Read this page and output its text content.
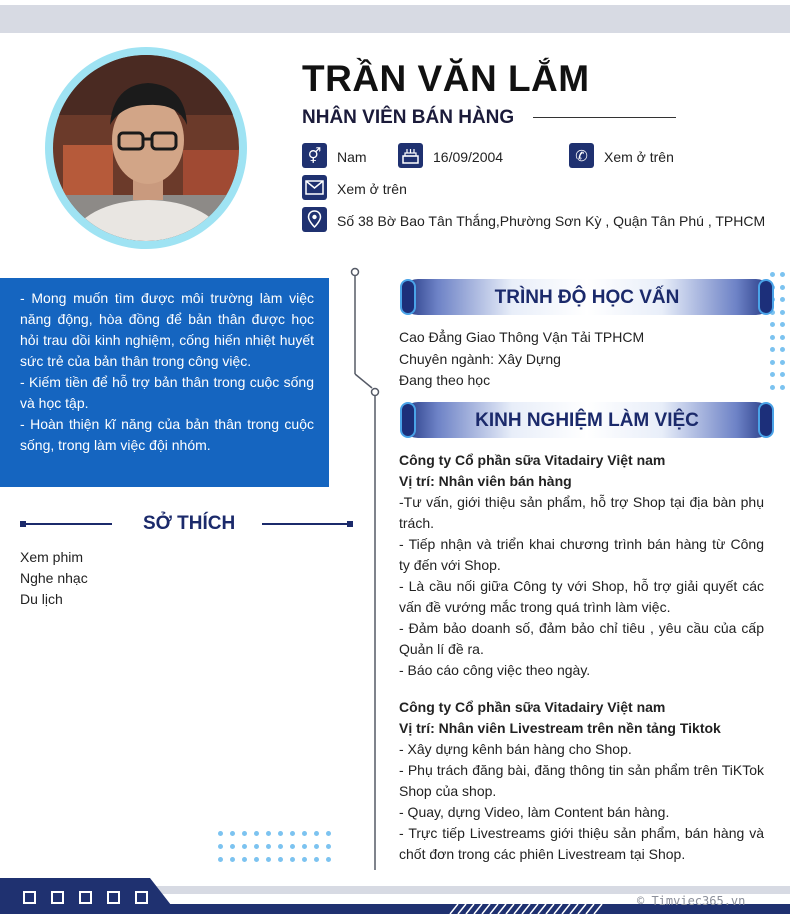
TRẦN VĂN LẮM
NHÂN VIÊN BÁN HÀNG
⚥	Nam	16/09/2004	✆	Xem ở trên
Xem ở trên
Số 38 Bờ Bao Tân Thắng,Phường Sơn Kỳ , Quận Tân Phú , TPHCM
- Mong muốn tìm được môi trường làm việc năng động, hòa đồng để bản thân được học hỏi trau dồi kinh nghiệm, cống hiến nhiệt huyết sức trẻ của bản thân trong công việc.
- Kiếm tiền để hỗ trợ bản thân trong cuộc sống và học tập.
- Hoàn thiện kĩ năng của bản thân trong cuộc sống, trong làm việc đội nhóm.
SỞ THÍCH
Xem phim
Nghe nhạc
Du lịch
TRÌNH ĐỘ HỌC VẤN
Cao Đẳng Giao Thông Vận Tải TPHCM
Chuyên ngành: Xây Dựng
Đang theo học
KINH NGHIỆM LÀM VIỆC
Công ty Cổ phần sữa Vitadairy Việt nam
Vị trí: Nhân viên bán hàng
-Tư vấn, giới thiệu sản phẩm, hỗ trợ Shop tại địa bàn phụ trách.
- Tiếp nhận và triển khai chương trình bán hàng từ Công ty đến với Shop.
- Là cầu nối giữa Công ty với Shop, hỗ trợ giải quyết các vấn đề vướng mắc trong quá trình làm việc.
- Đảm bảo doanh số, đảm bảo chỉ tiêu , yêu cầu của cấp Quản lí đề ra.
- Báo cáo công việc theo ngày.
Công ty Cổ phần sữa Vitadairy Việt nam
Vị trí: Nhân viên Livestream trên nền tảng Tiktok
- Xây dựng kênh bán hàng cho Shop.
- Phụ trách đăng bài, đăng thông tin sản phẩm trên TiKTok Shop của shop.
- Quay, dựng Video, làm Content bán hàng.
- Trực tiếp Livestreams giới thiệu sản phẩm, bán hàng và chốt đơn trong các phiên Livestream tại Shop.
© Timviec365.vn
